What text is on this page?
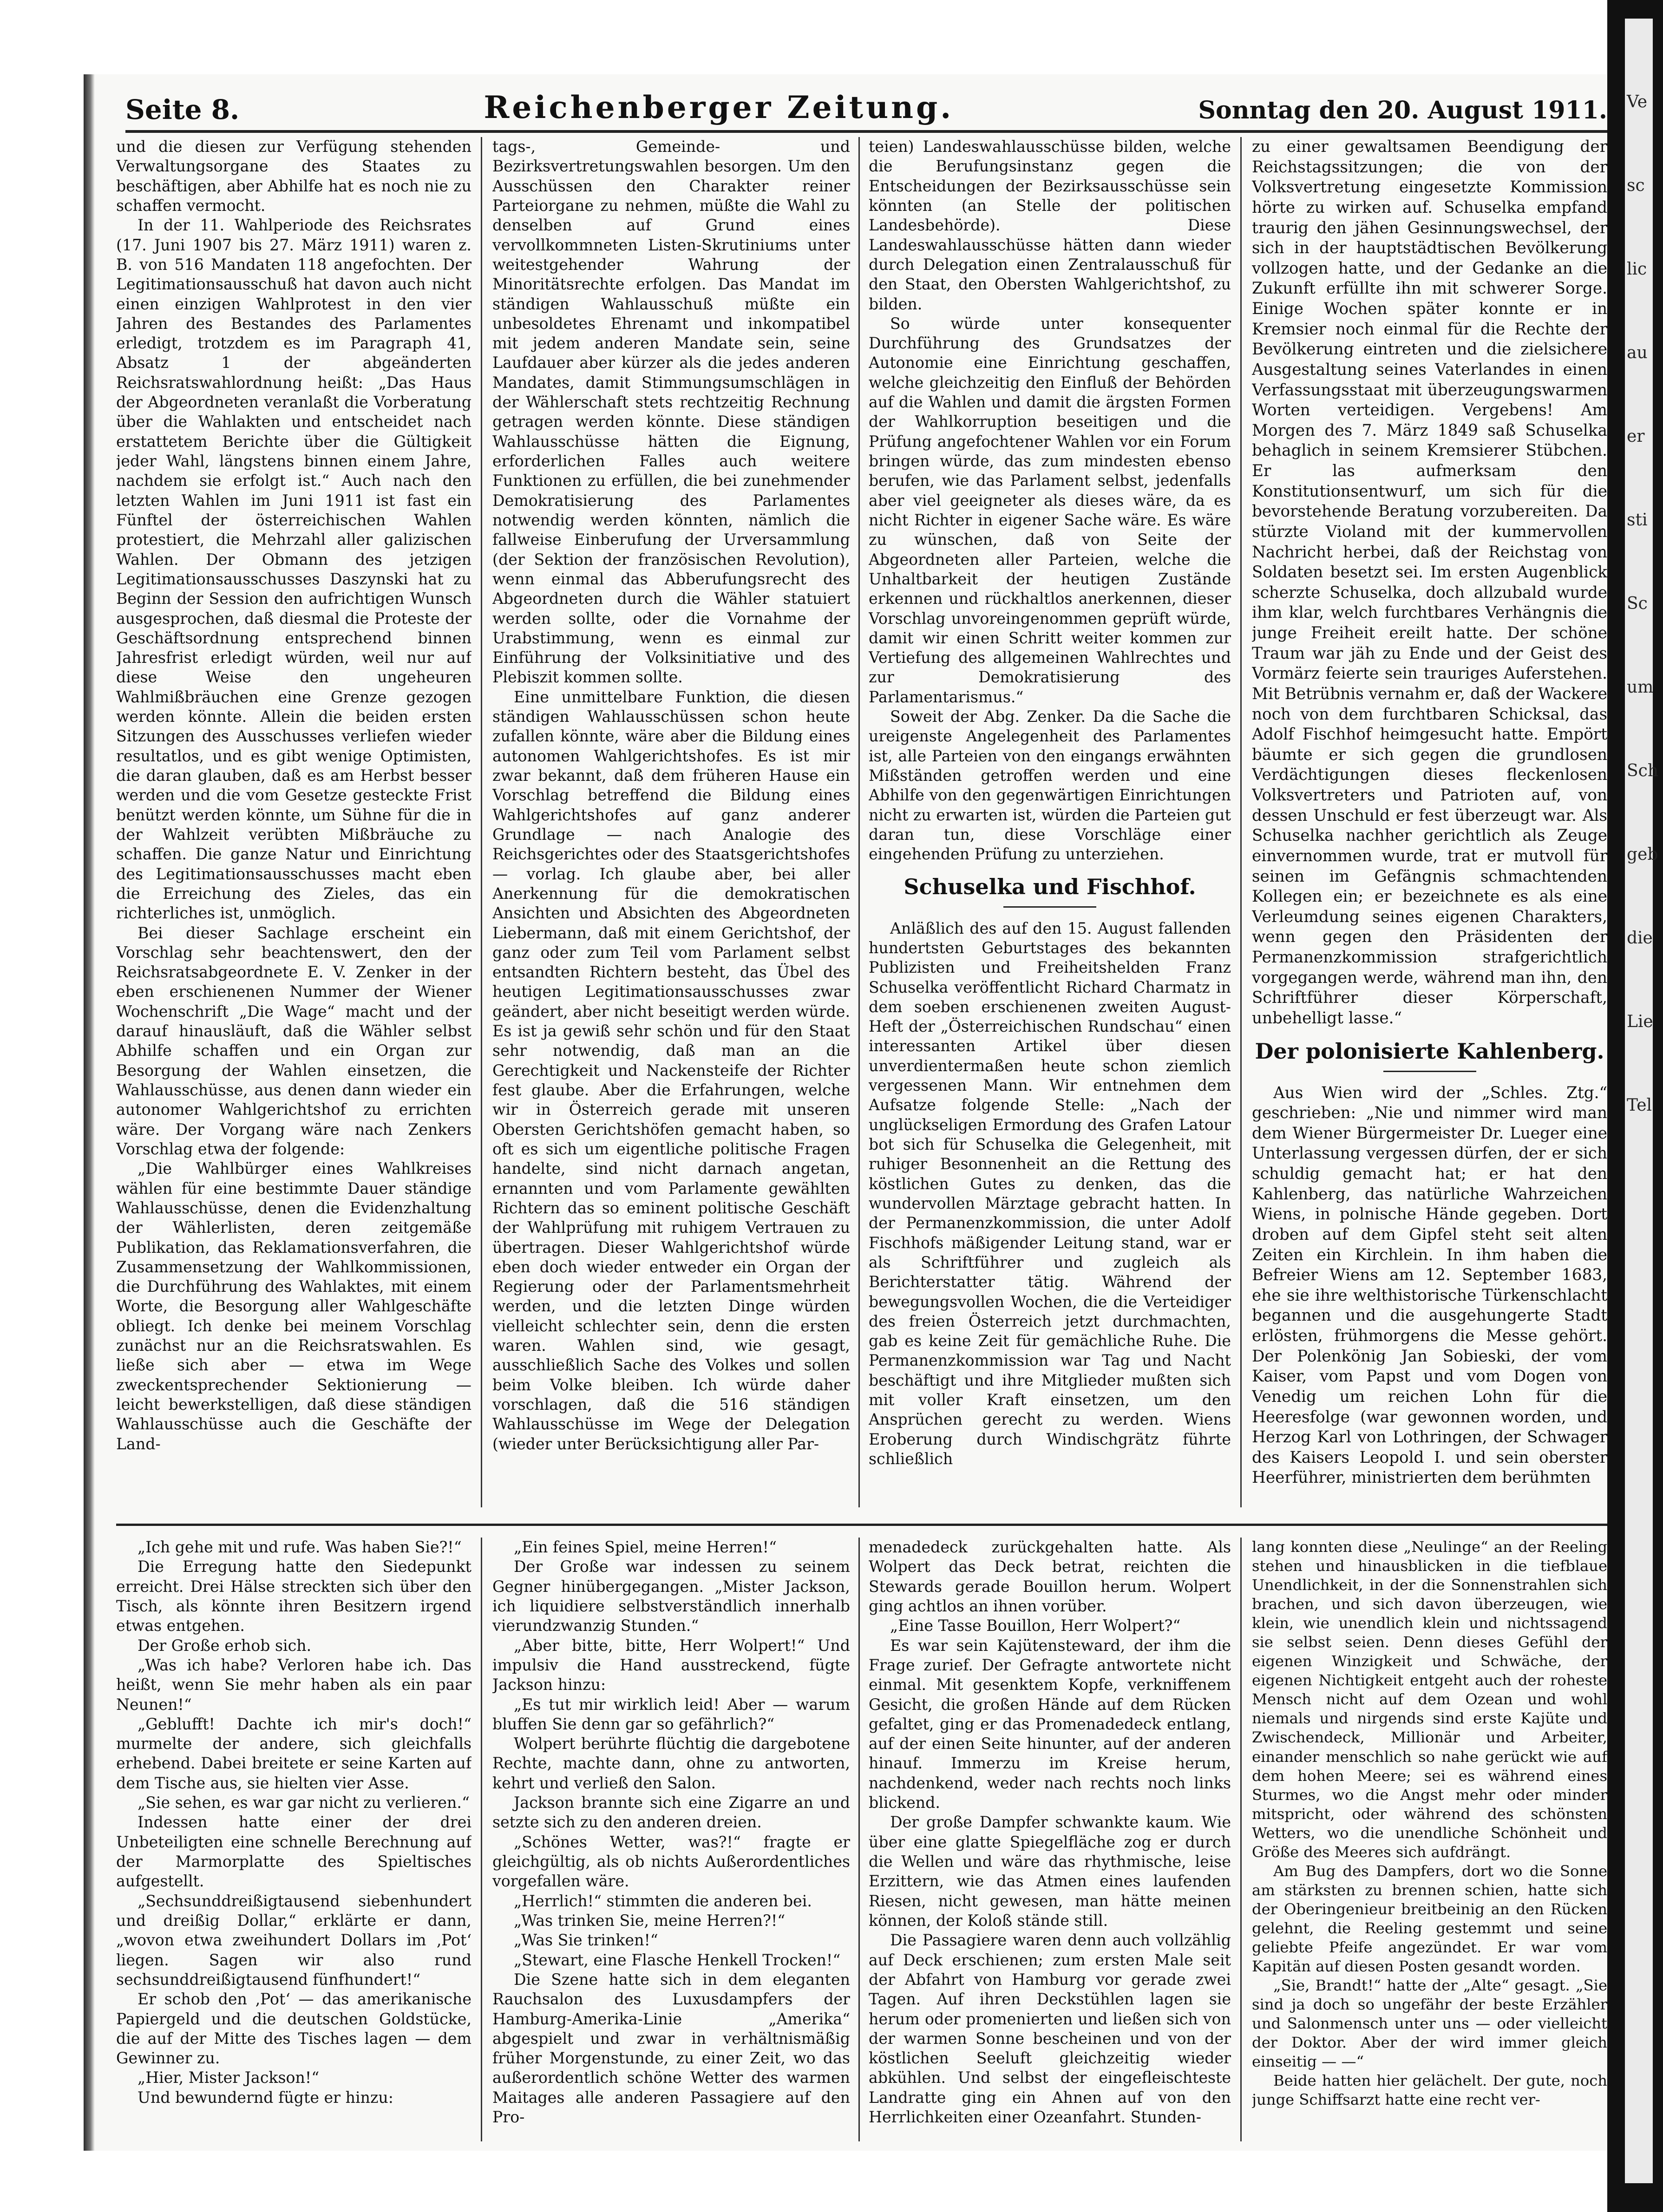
Seite 8.	Reichenberger Zeitung.	Sonntag den 20. August 1911.

und die diesen zur Verfügung stehenden Verwaltungsorgane des Staates zu beschäftigen, aber Abhilfe hat es noch nie zu schaffen vermocht.

In der 11. Wahlperiode des Reichsrates (17. Juni 1907 bis 27. März 1911) waren z. B. von 516 Mandaten 118 angefochten. Der Legitimationsausschuß hat davon auch nicht einen einzigen Wahlprotest in den vier Jahren des Bestandes des Parlamentes erledigt, trotzdem es im Paragraph 41, Absatz 1 der abgeänderten Reichsratswahlordnung heißt: „Das Haus der Abgeordneten veranlaßt die Vorberatung über die Wahlakten und entscheidet nach erstattetem Berichte über die Gültigkeit jeder Wahl, längstens binnen einem Jahre, nachdem sie erfolgt ist.“ Auch nach den letzten Wahlen im Juni 1911 ist fast ein Fünftel der österreichischen Wahlen protestiert, die Mehrzahl aller galizischen Wahlen. Der Obmann des jetzigen Legitimationsausschusses Daszynski hat zu Beginn der Session den aufrichtigen Wunsch ausgesprochen, daß diesmal die Proteste der Geschäftsordnung entsprechend binnen Jahresfrist erledigt würden, weil nur auf diese Weise den ungeheuren Wahlmißbräuchen eine Grenze gezogen werden könnte. Allein die beiden ersten Sitzungen des Ausschusses verliefen wieder resultatlos, und es gibt wenige Optimisten, die daran glauben, daß es am Herbst besser werden und die vom Gesetze gesteckte Frist benützt werden könnte, um Sühne für die in der Wahlzeit verübten Mißbräuche zu schaffen. Die ganze Natur und Einrichtung des Legitimationsausschusses macht eben die Erreichung des Zieles, das ein richterliches ist, unmöglich.

Bei dieser Sachlage erscheint ein Vorschlag sehr beachtenswert, den der Reichsratsabgeordnete E. V. Zenker in der eben erschienenen Nummer der Wiener Wochenschrift „Die Wage“ macht und der darauf hinausläuft, daß die Wähler selbst Abhilfe schaffen und ein Organ zur Besorgung der Wahlen einsetzen, die Wahlausschüsse, aus denen dann wieder ein autonomer Wahlgerichtshof zu errichten wäre. Der Vorgang wäre nach Zenkers Vorschlag etwa der folgende:

„Die Wahlbürger eines Wahlkreises wählen für eine bestimmte Dauer ständige Wahlausschüsse, denen die Evidenzhaltung der Wählerlisten, deren zeitgemäße Publikation, das Reklamationsverfahren, die Zusammensetzung der Wahlkommissionen, die Durchführung des Wahlaktes, mit einem Worte, die Besorgung aller Wahlgeschäfte obliegt. Ich denke bei meinem Vorschlag zunächst nur an die Reichsratswahlen. Es ließe sich aber — etwa im Wege zweckentsprechender Sektionierung — leicht bewerkstelligen, daß diese ständigen Wahlausschüsse auch die Geschäfte der Land-

tags-, Gemeinde- und Bezirksvertretungswahlen besorgen. Um den Ausschüssen den Charakter reiner Parteiorgane zu nehmen, müßte die Wahl zu denselben auf Grund eines vervollkommneten Listen-Skrutiniums unter weitestgehender Wahrung der Minoritätsrechte erfolgen. Das Mandat im ständigen Wahlausschuß müßte ein unbesoldetes Ehrenamt und inkompatibel mit jedem anderen Mandate sein, seine Laufdauer aber kürzer als die jedes anderen Mandates, damit Stimmungsumschlägen in der Wählerschaft stets rechtzeitig Rechnung getragen werden könnte. Diese ständigen Wahlausschüsse hätten die Eignung, erforderlichen Falles auch weitere Funktionen zu erfüllen, die bei zunehmender Demokratisierung des Parlamentes notwendig werden könnten, nämlich die fallweise Einberufung der Urversammlung (der Sektion der französischen Revolution), wenn einmal das Abberufungsrecht des Abgeordneten durch die Wähler statuiert werden sollte, oder die Vornahme der Urabstimmung, wenn es einmal zur Einführung der Volksinitiative und des Plebiszit kommen sollte.

Eine unmittelbare Funktion, die diesen ständigen Wahlausschüssen schon heute zufallen könnte, wäre aber die Bildung eines autonomen Wahlgerichtshofes. Es ist mir zwar bekannt, daß dem früheren Hause ein Vorschlag betreffend die Bildung eines Wahlgerichtshofes auf ganz anderer Grundlage — nach Analogie des Reichsgerichtes oder des Staatsgerichtshofes — vorlag. Ich glaube aber, bei aller Anerkennung für die demokratischen Ansichten und Absichten des Abgeordneten Liebermann, daß mit einem Gerichtshof, der ganz oder zum Teil vom Parlament selbst entsandten Richtern besteht, das Übel des heutigen Legitimationsausschusses zwar geändert, aber nicht beseitigt werden würde. Es ist ja gewiß sehr schön und für den Staat sehr notwendig, daß man an die Gerechtigkeit und Nackensteife der Richter fest glaube. Aber die Erfahrungen, welche wir in Österreich gerade mit unseren Obersten Gerichtshöfen gemacht haben, so oft es sich um eigentliche politische Fragen handelte, sind nicht darnach angetan, ernannten und vom Parlamente gewählten Richtern das so eminent politische Geschäft der Wahlprüfung mit ruhigem Vertrauen zu übertragen. Dieser Wahlgerichtshof würde eben doch wieder entweder ein Organ der Regierung oder der Parlamentsmehrheit werden, und die letzten Dinge würden vielleicht schlechter sein, denn die ersten waren. Wahlen sind, wie gesagt, ausschließlich Sache des Volkes und sollen beim Volke bleiben. Ich würde daher vorschlagen, daß die 516 ständigen Wahlausschüsse im Wege der Delegation (wieder unter Berücksichtigung aller Par-

teien) Landeswahlausschüsse bilden, welche die Berufungsinstanz gegen die Entscheidungen der Bezirksausschüsse sein könnten (an Stelle der politischen Landesbehörde). Diese Landeswahlausschüsse hätten dann wieder durch Delegation einen Zentralausschuß für den Staat, den Obersten Wahlgerichtshof, zu bilden.

So würde unter konsequenter Durchführung des Grundsatzes der Autonomie eine Einrichtung geschaffen, welche gleichzeitig den Einfluß der Behörden auf die Wahlen und damit die ärgsten Formen der Wahlkorruption beseitigen und die Prüfung angefochtener Wahlen vor ein Forum bringen würde, das zum mindesten ebenso berufen, wie das Parlament selbst, jedenfalls aber viel geeigneter als dieses wäre, da es nicht Richter in eigener Sache wäre. Es wäre zu wünschen, daß von Seite der Abgeordneten aller Parteien, welche die Unhaltbarkeit der heutigen Zustände erkennen und rückhaltlos anerkennen, dieser Vorschlag unvoreingenommen geprüft würde, damit wir einen Schritt weiter kommen zur Vertiefung des allgemeinen Wahlrechtes und zur Demokratisierung des Parlamentarismus.“

Soweit der Abg. Zenker. Da die Sache die ureigenste Angelegenheit des Parlamentes ist, alle Parteien von den eingangs erwähnten Mißständen getroffen werden und eine Abhilfe von den gegenwärtigen Einrichtungen nicht zu erwarten ist, würden die Parteien gut daran tun, diese Vorschläge einer eingehenden Prüfung zu unterziehen.

Schuselka und Fischhof.

Anläßlich des auf den 15. August fallenden hundertsten Geburtstages des bekannten Publizisten und Freiheitshelden Franz Schuselka veröffentlicht Richard Charmatz in dem soeben erschienenen zweiten August-Heft der „Österreichischen Rundschau“ einen interessanten Artikel über diesen unverdientermaßen heute schon ziemlich vergessenen Mann. Wir entnehmen dem Aufsatze folgende Stelle: „Nach der unglückseligen Ermordung des Grafen Latour bot sich für Schuselka die Gelegenheit, mit ruhiger Besonnenheit an die Rettung des köstlichen Gutes zu denken, das die wundervollen Märztage gebracht hatten. In der Permanenzkommission, die unter Adolf Fischhofs mäßigender Leitung stand, war er als Schriftführer und zugleich als Berichterstatter tätig. Während der bewegungsvollen Wochen, die die Verteidiger des freien Österreich jetzt durchmachten, gab es keine Zeit für gemächliche Ruhe. Die Permanenzkommission war Tag und Nacht beschäftigt und ihre Mitglieder mußten sich mit voller Kraft einsetzen, um den Ansprüchen gerecht zu werden. Wiens Eroberung durch Windischgrätz führte schließlich

zu einer gewaltsamen Beendigung der Reichstagssitzungen; die von der Volksvertretung eingesetzte Kommission hörte zu wirken auf. Schuselka empfand traurig den jähen Gesinnungswechsel, der sich in der hauptstädtischen Bevölkerung vollzogen hatte, und der Gedanke an die Zukunft erfüllte ihn mit schwerer Sorge. Einige Wochen später konnte er in Kremsier noch einmal für die Rechte der Bevölkerung eintreten und die zielsichere Ausgestaltung seines Vaterlandes in einen Verfassungsstaat mit überzeugungswarmen Worten verteidigen. Vergebens! Am Morgen des 7. März 1849 saß Schuselka behaglich in seinem Kremsierer Stübchen. Er las aufmerksam den Konstitutionsentwurf, um sich für die bevorstehende Beratung vorzubereiten. Da stürzte Violand mit der kummervollen Nachricht herbei, daß der Reichstag von Soldaten besetzt sei. Im ersten Augenblick scherzte Schuselka, doch allzubald wurde ihm klar, welch furchtbares Verhängnis die junge Freiheit ereilt hatte. Der schöne Traum war jäh zu Ende und der Geist des Vormärz feierte sein trauriges Auferstehen. Mit Betrübnis vernahm er, daß der Wackere noch von dem furchtbaren Schicksal, das Adolf Fischhof heimgesucht hatte. Empört bäumte er sich gegen die grundlosen Verdächtigungen dieses fleckenlosen Volksvertreters und Patrioten auf, von dessen Unschuld er fest überzeugt war. Als Schuselka nachher gerichtlich als Zeuge einvernommen wurde, trat er mutvoll für seinen im Gefängnis schmachtenden Kollegen ein; er bezeichnete es als eine Verleumdung seines eigenen Charakters, wenn gegen den Präsidenten der Permanenzkommission strafgerichtlich vorgegangen werde, während man ihn, den Schriftführer dieser Körperschaft, unbehelligt lasse.“

Der polonisierte Kahlenberg.

Aus Wien wird der „Schles. Ztg.“ geschrieben: „Nie und nimmer wird man dem Wiener Bürgermeister Dr. Lueger eine Unterlassung vergessen dürfen, der er sich schuldig gemacht hat; er hat den Kahlenberg, das natürliche Wahrzeichen Wiens, in polnische Hände gegeben. Dort droben auf dem Gipfel steht seit alten Zeiten ein Kirchlein. In ihm haben die Befreier Wiens am 12. September 1683, ehe sie ihre welthistorische Türkenschlacht begannen und die ausgehungerte Stadt erlösten, frühmorgens die Messe gehört. Der Polenkönig Jan Sobieski, der vom Kaiser, vom Papst und vom Dogen von Venedig um reichen Lohn für die Heeresfolge (war gewonnen worden, und Herzog Karl von Lothringen, der Schwager des Kaisers Leopold I. und sein oberster Heerführer, ministrierten dem berühmten

„Ich gehe mit und rufe. Was haben Sie?!“

Die Erregung hatte den Siedepunkt erreicht. Drei Hälse streckten sich über den Tisch, als könnte ihren Besitzern irgend etwas entgehen.

Der Große erhob sich.

„Was ich habe? Verloren habe ich. Das heißt, wenn Sie mehr haben als ein paar Neunen!“

„Geblufft! Dachte ich mir's doch!“ murmelte der andere, sich gleichfalls erhebend. Dabei breitete er seine Karten auf dem Tische aus, sie hielten vier Asse.

„Sie sehen, es war gar nicht zu verlieren.“

Indessen hatte einer der drei Unbeteiligten eine schnelle Berechnung auf der Marmorplatte des Spieltisches aufgestellt.

„Sechsunddreißigtausend siebenhundert und dreißig Dollar,“ erklärte er dann, „wovon etwa zweihundert Dollars im ‚Pot‘ liegen. Sagen wir also rund sechsunddreißigtausend fünfhundert!“

Er schob den ‚Pot‘ — das amerikanische Papiergeld und die deutschen Goldstücke, die auf der Mitte des Tisches lagen — dem Gewinner zu.

„Hier, Mister Jackson!“

Und bewundernd fügte er hinzu:

„Ein feines Spiel, meine Herren!“

Der Große war indessen zu seinem Gegner hinübergegangen. „Mister Jackson, ich liquidiere selbstverständlich innerhalb vierundzwanzig Stunden.“

„Aber bitte, bitte, Herr Wolpert!“ Und impulsiv die Hand ausstreckend, fügte Jackson hinzu:

„Es tut mir wirklich leid! Aber — warum bluffen Sie denn gar so gefährlich?“

Wolpert berührte flüchtig die dargebotene Rechte, machte dann, ohne zu antworten, kehrt und verließ den Salon.

Jackson brannte sich eine Zigarre an und setzte sich zu den anderen dreien.

„Schönes Wetter, was?!“ fragte er gleichgültig, als ob nichts Außerordentliches vorgefallen wäre.

„Herrlich!“ stimmten die anderen bei.

„Was trinken Sie, meine Herren?!“

„Was Sie trinken!“

„Stewart, eine Flasche Henkell Trocken!“

Die Szene hatte sich in dem eleganten Rauchsalon des Luxusdampfers der Hamburg-Amerika-Linie „Amerika“ abgespielt und zwar in verhältnismäßig früher Morgenstunde, zu einer Zeit, wo das außerordentlich schöne Wetter des warmen Maitages alle anderen Passagiere auf den Pro-

menadedeck zurückgehalten hatte. Als Wolpert das Deck betrat, reichten die Stewards gerade Bouillon herum. Wolpert ging achtlos an ihnen vorüber.

„Eine Tasse Bouillon, Herr Wolpert?“

Es war sein Kajütensteward, der ihm die Frage zurief. Der Gefragte antwortete nicht einmal. Mit gesenktem Kopfe, verkniffenem Gesicht, die großen Hände auf dem Rücken gefaltet, ging er das Promenadedeck entlang, auf der einen Seite hinunter, auf der anderen hinauf. Immerzu im Kreise herum, nachdenkend, weder nach rechts noch links blickend.

Der große Dampfer schwankte kaum. Wie über eine glatte Spiegelfläche zog er durch die Wellen und wäre das rhythmische, leise Erzittern, wie das Atmen eines laufenden Riesen, nicht gewesen, man hätte meinen können, der Koloß stände still.

Die Passagiere waren denn auch vollzählig auf Deck erschienen; zum ersten Male seit der Abfahrt von Hamburg vor gerade zwei Tagen. Auf ihren Deckstühlen lagen sie herum oder promenierten und ließen sich von der warmen Sonne bescheinen und von der köstlichen Seeluft gleichzeitig wieder abkühlen. Und selbst der eingefleischteste Landratte ging ein Ahnen auf von den Herrlichkeiten einer Ozeanfahrt. Stunden-

lang konnten diese „Neulinge“ an der Reeling stehen und hinausblicken in die tiefblaue Unendlichkeit, in der die Sonnenstrahlen sich brachen, und sich davon überzeugen, wie klein, wie unendlich klein und nichtssagend sie selbst seien. Denn dieses Gefühl der eigenen Winzigkeit und Schwäche, der eigenen Nichtigkeit entgeht auch der roheste Mensch nicht auf dem Ozean und wohl niemals und nirgends sind erste Kajüte und Zwischendeck, Millionär und Arbeiter, einander menschlich so nahe gerückt wie auf dem hohen Meere; sei es während eines Sturmes, wo die Angst mehr oder minder mitspricht, oder während des schönsten Wetters, wo die unendliche Schönheit und Größe des Meeres sich aufdrängt.

Am Bug des Dampfers, dort wo die Sonne am stärksten zu brennen schien, hatte sich der Oberingenieur breitbeinig an den Rücken gelehnt, die Reeling gestemmt und seine geliebte Pfeife angezündet. Er war vom Kapitän auf diesen Posten gesandt worden.

„Sie, Brandt!“ hatte der „Alte“ gesagt. „Sie sind ja doch so ungefähr der beste Erzähler und Salonmensch unter uns — oder vielleicht der Doktor. Aber der wird immer gleich einseitig — —“

Beide hatten hier gelächelt. Der gute, noch junge Schiffsarzt hatte eine recht ver-

Ve
sc
lic
au
er
sti
Sc
um
Sch
geb
die
Lie
Tel
